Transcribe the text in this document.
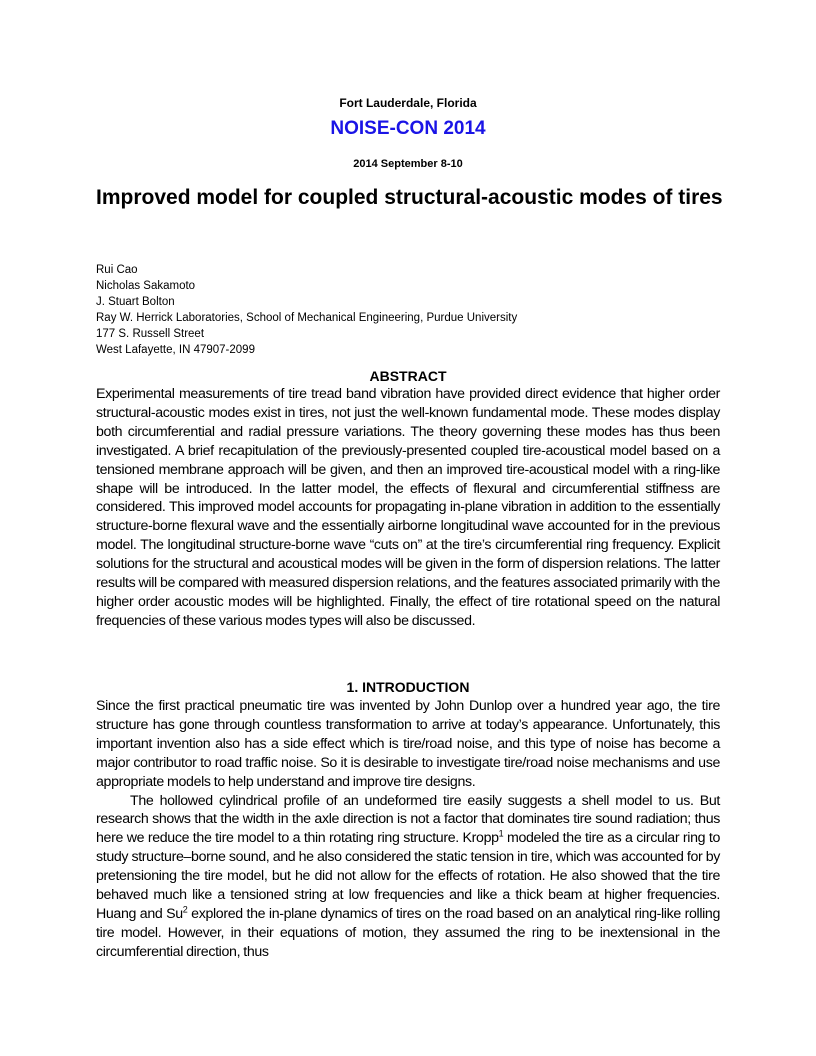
Fort Lauderdale, Florida
NOISE-CON 2014
2014 September 8-10
Improved model for coupled structural-acoustic modes of tires
Rui Cao
Nicholas Sakamoto
J. Stuart Bolton
Ray W. Herrick Laboratories, School of Mechanical Engineering, Purdue University
177 S. Russell Street
West Lafayette, IN 47907-2099
ABSTRACT

Experimental measurements of tire tread band vibration have provided direct evidence that higher order structural-acoustic modes exist in tires, not just the well-known fundamental mode. These modes display both circumferential and radial pressure variations. The theory governing these modes has thus been investigated. A brief recapitulation of the previously-presented coupled tire-acoustical model based on a tensioned membrane approach will be given, and then an improved tire-acoustical model with a ring-like shape will be introduced. In the latter model, the effects of flexural and circumferential stiffness are considered. This improved model accounts for propagating in-plane vibration in addition to the essentially structure-borne flexural wave and the essentially airborne longitudinal wave accounted for in the previous model. The longitudinal structure-borne wave “cuts on” at the tire’s circumferential ring frequency. Explicit solutions for the structural and acoustical modes will be given in the form of dispersion relations. The latter results will be compared with measured dispersion relations, and the features associated primarily with the higher order acoustic modes will be highlighted. Finally, the effect of tire rotational speed on the natural frequencies of these various modes types will also be discussed.

1. INTRODUCTION

Since the first practical pneumatic tire was invented by John Dunlop over a hundred year ago, the tire structure has gone through countless transformation to arrive at today’s appearance. Unfortunately, this important invention also has a side effect which is tire/road noise, and this type of noise has become a major contributor to road traffic noise. So it is desirable to investigate tire/road noise mechanisms and use appropriate models to help understand and improve tire designs.

The hollowed cylindrical profile of an undeformed tire easily suggests a shell model to us. But research shows that the width in the axle direction is not a factor that dominates tire sound radiation; thus here we reduce the tire model to a thin rotating ring structure. Kropp$^1$ modeled the tire as a circular ring to study structure–borne sound, and he also considered the static tension in tire, which was accounted for by pretensioning the tire model, but he did not allow for the effects of rotation. He also showed that the tire behaved much like a tensioned string at low frequencies and like a thick beam at higher frequencies. Huang and Su$^2$ explored the in-plane dynamics of tires on the road based on an analytical ring-like rolling tire model. However, in their equations of motion, they assumed the ring to be inextensional in the circumferential direction, thus
